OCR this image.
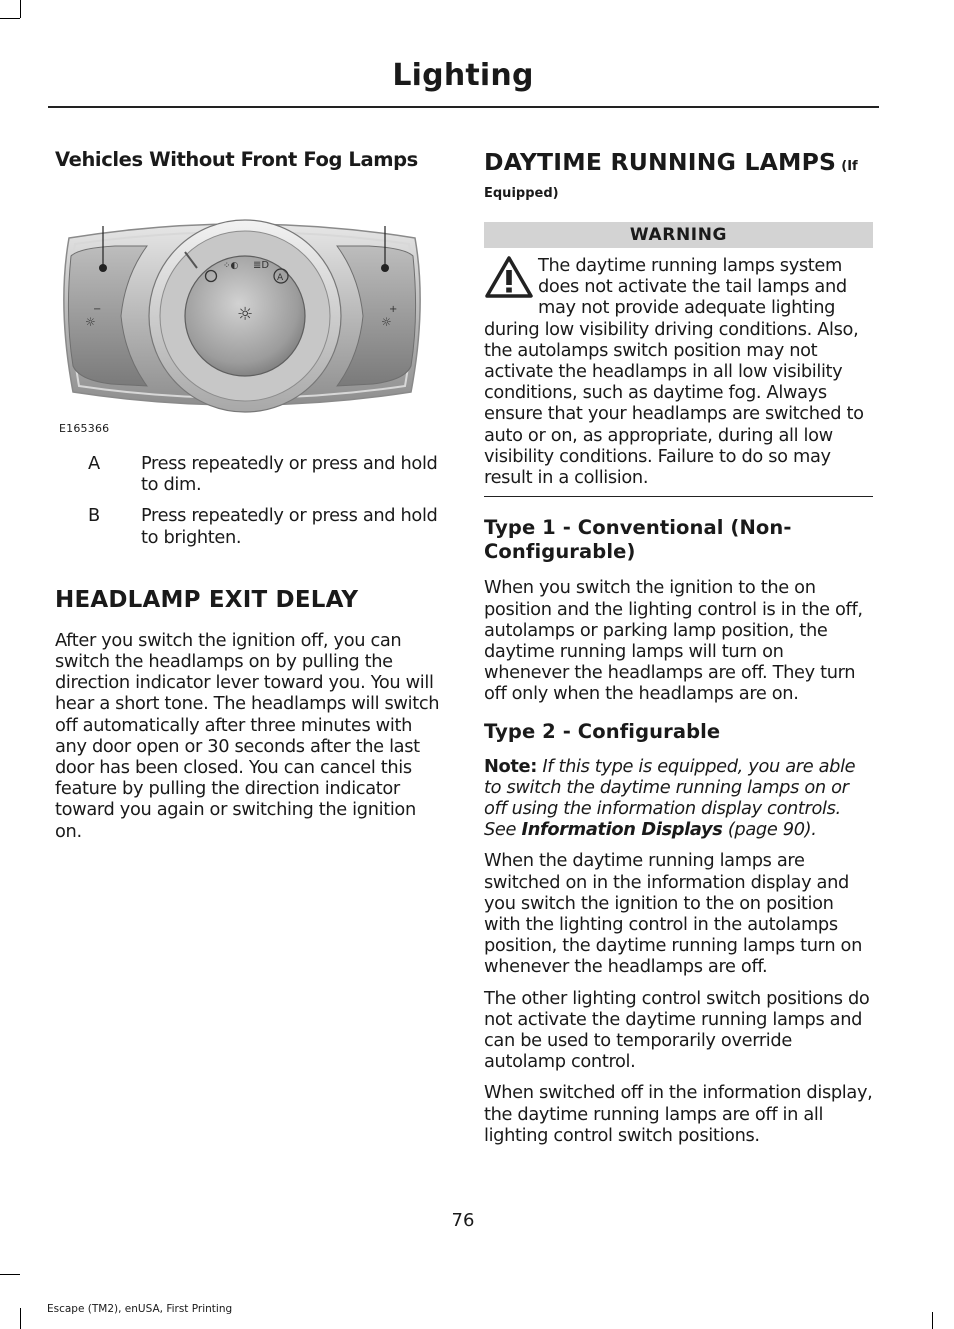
Lighting
Vehicles Without Front Fog Lamps
⁘◐ ≣D
A
☼
−
☼
+
☼
E165366
A	Press repeatedly or press and hold to dim.
B	Press repeatedly or press and hold to brighten.
HEADLAMP EXIT DELAY

After you switch the ignition off, you can switch the headlamps on by pulling the direction indicator lever toward you. You will hear a short tone. The headlamps will switch off automatically after three minutes with any door open or 30 seconds after the last door has been closed. You can cancel this feature by pulling the direction indicator toward you again or switching the ignition on.

DAYTIME RUNNING LAMPS (If
Equipped)
WARNING

The daytime running lamps system does not activate the tail lamps and may not provide adequate lighting during low visibility driving conditions. Also, the autolamps switch position may not activate the headlamps in all low visibility conditions, such as daytime fog. Always ensure that your headlamps are switched to auto or on, as appropriate, during all low visibility conditions. Failure to do so may result in a collision.

Type 1 - Conventional (Non-Configurable)

When you switch the ignition to the on position and the lighting control is in the off, autolamps or parking lamp position, the daytime running lamps will turn on whenever the headlamps are off. They turn off only when the headlamps are on.

Type 2 - Configurable

Note: If this type is equipped, you are able to switch the daytime running lamps on or off using the information display controls. See Information Displays (page 90).

When the daytime running lamps are switched on in the information display and you switch the ignition to the on position with the lighting control in the autolamps position, the daytime running lamps turn on whenever the headlamps are off.

The other lighting control switch positions do not activate the daytime running lamps and can be used to temporarily override autolamp control.

When switched off in the information display, the daytime running lamps are off in all lighting control switch positions.

76
Escape (TM2), enUSA, First Printing
